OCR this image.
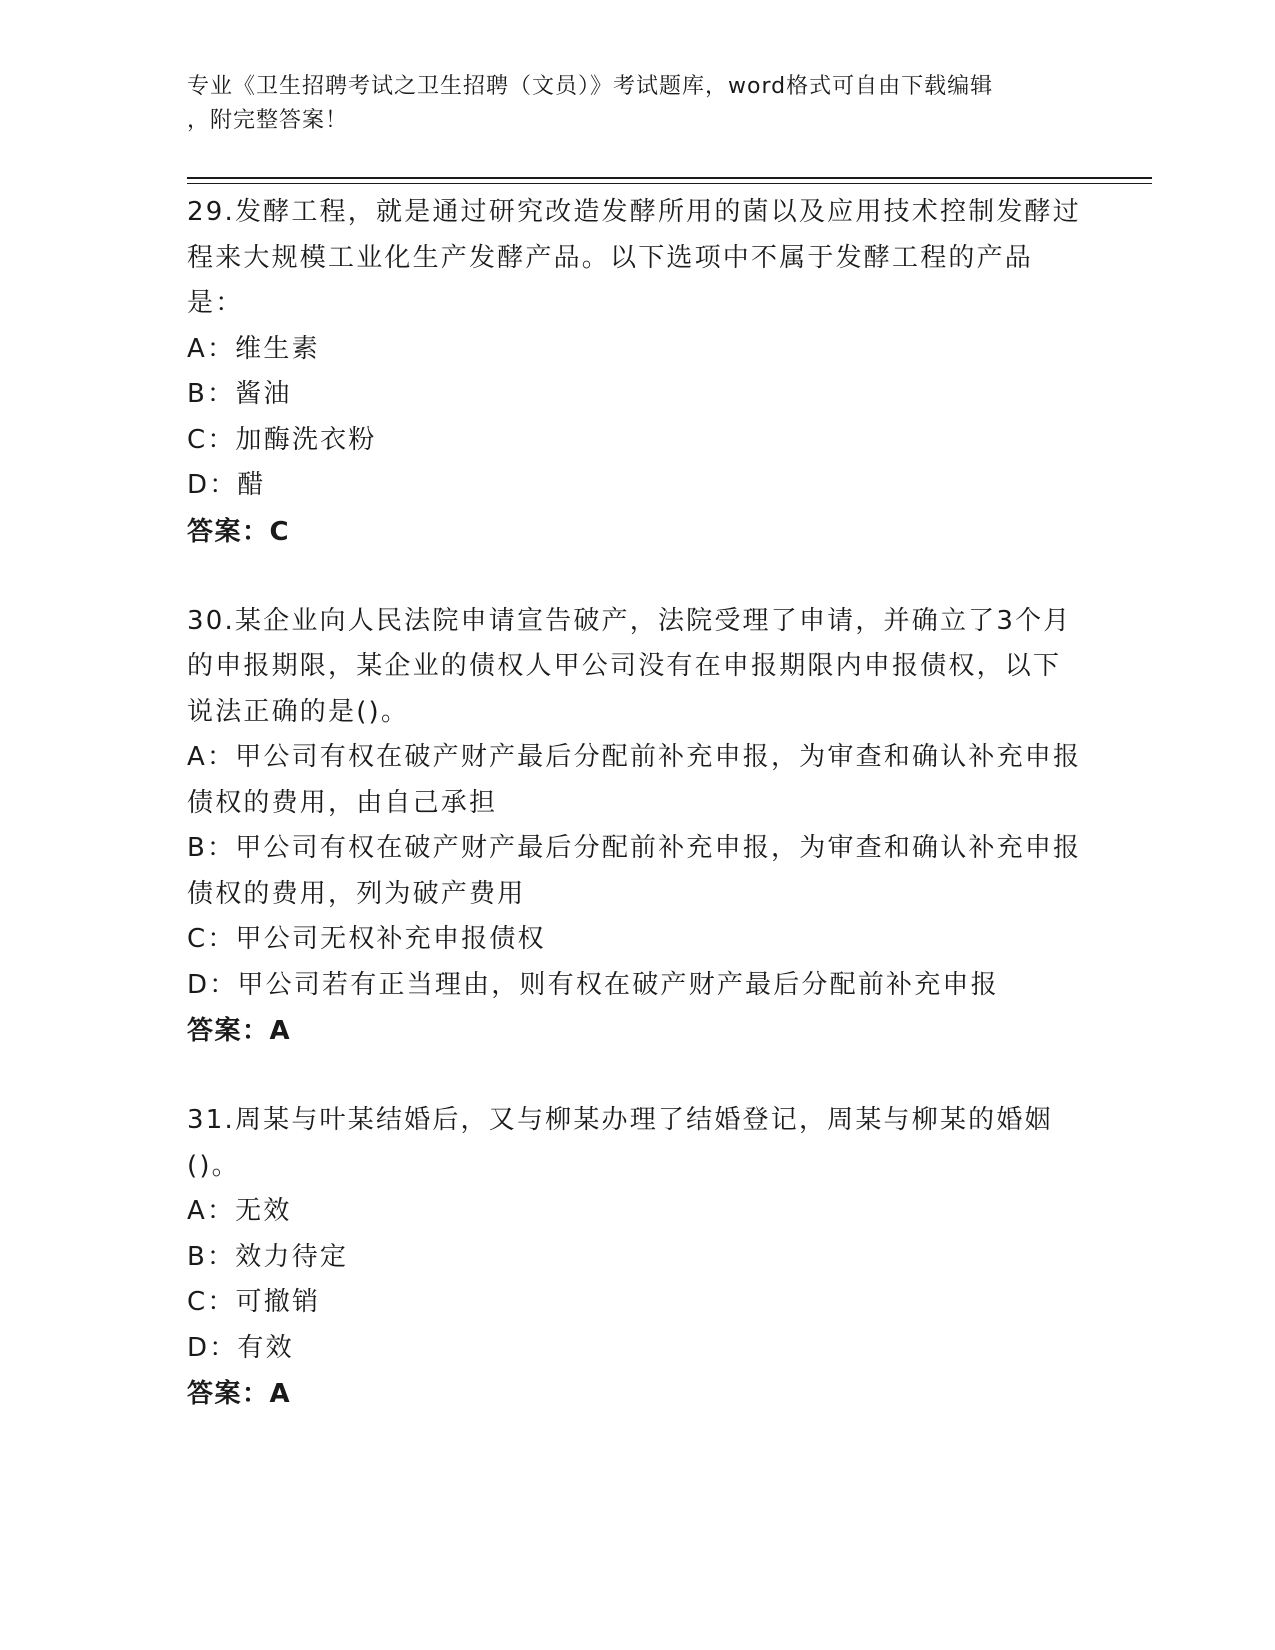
专业《卫生招聘考试之卫生招聘（文员）》考试题库，word格式可自由下载编辑
，附完整答案！
29.发酵工程，就是通过研究改造发酵所用的菌以及应用技术控制发酵过程来大规模工业化生产发酵产品。以下选项中不属于发酵工程的产品是：
A：维生素
B：酱油
C：加酶洗衣粉
D：醋
答案：C
30.某企业向人民法院申请宣告破产，法院受理了申请，并确立了3个月的申报期限，某企业的债权人甲公司没有在申报期限内申报债权，以下说法正确的是()。
A：甲公司有权在破产财产最后分配前补充申报，为审查和确认补充申报债权的费用，由自己承担
B：甲公司有权在破产财产最后分配前补充申报，为审查和确认补充申报债权的费用，列为破产费用
C：甲公司无权补充申报债权
D：甲公司若有正当理由，则有权在破产财产最后分配前补充申报
答案：A
31.周某与叶某结婚后，又与柳某办理了结婚登记，周某与柳某的婚姻()。
A：无效
B：效力待定
C：可撤销
D：有效
答案：A
